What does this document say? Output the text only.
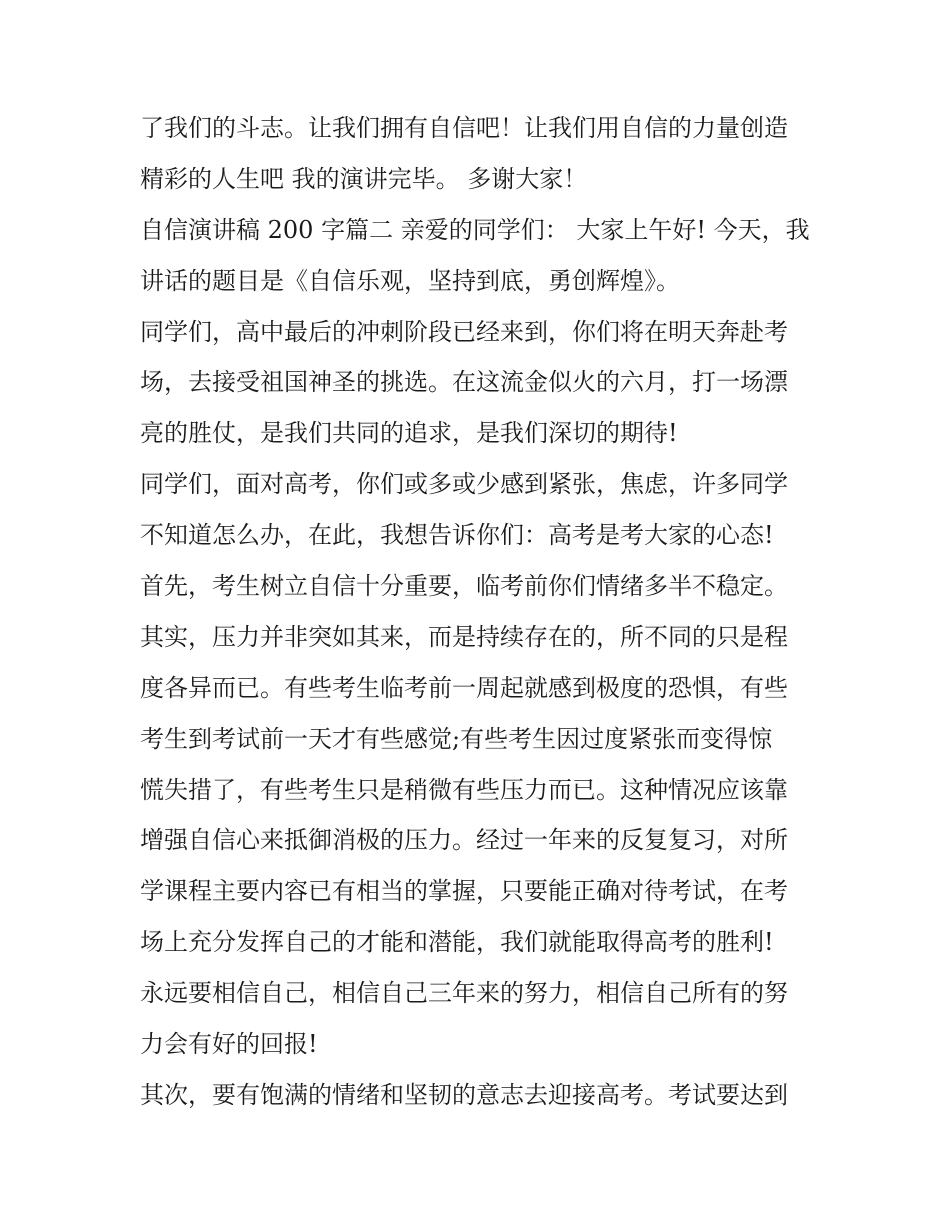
了我们的斗志。让我们拥有自信吧！让我们用自信的力量创造
精彩的人生吧 我的演讲完毕。 多谢大家！
自信演讲稿 200 字篇二 亲爱的同学们： 大家上午好! 今天，我
讲话的题目是《自信乐观，坚持到底，勇创辉煌》。
同学们，高中最后的冲刺阶段已经来到，你们将在明天奔赴考
场，去接受祖国神圣的挑选。在这流金似火的六月，打一场漂
亮的胜仗，是我们共同的追求，是我们深切的期待!
同学们，面对高考，你们或多或少感到紧张，焦虑，许多同学
不知道怎么办，在此，我想告诉你们：高考是考大家的心态!
首先，考生树立自信十分重要，临考前你们情绪多半不稳定。
其实，压力并非突如其来，而是持续存在的，所不同的只是程
度各异而已。有些考生临考前一周起就感到极度的恐惧，有些
考生到考试前一天才有些感觉;有些考生因过度紧张而变得惊
慌失措了，有些考生只是稍微有些压力而已。这种情况应该靠
增强自信心来抵御消极的压力。经过一年来的反复复习，对所
学课程主要内容已有相当的掌握，只要能正确对待考试，在考
场上充分发挥自己的才能和潜能，我们就能取得高考的胜利!
永远要相信自己，相信自己三年来的努力，相信自己所有的努
力会有好的回报!
其次，要有饱满的情绪和坚韧的意志去迎接高考。考试要达到
